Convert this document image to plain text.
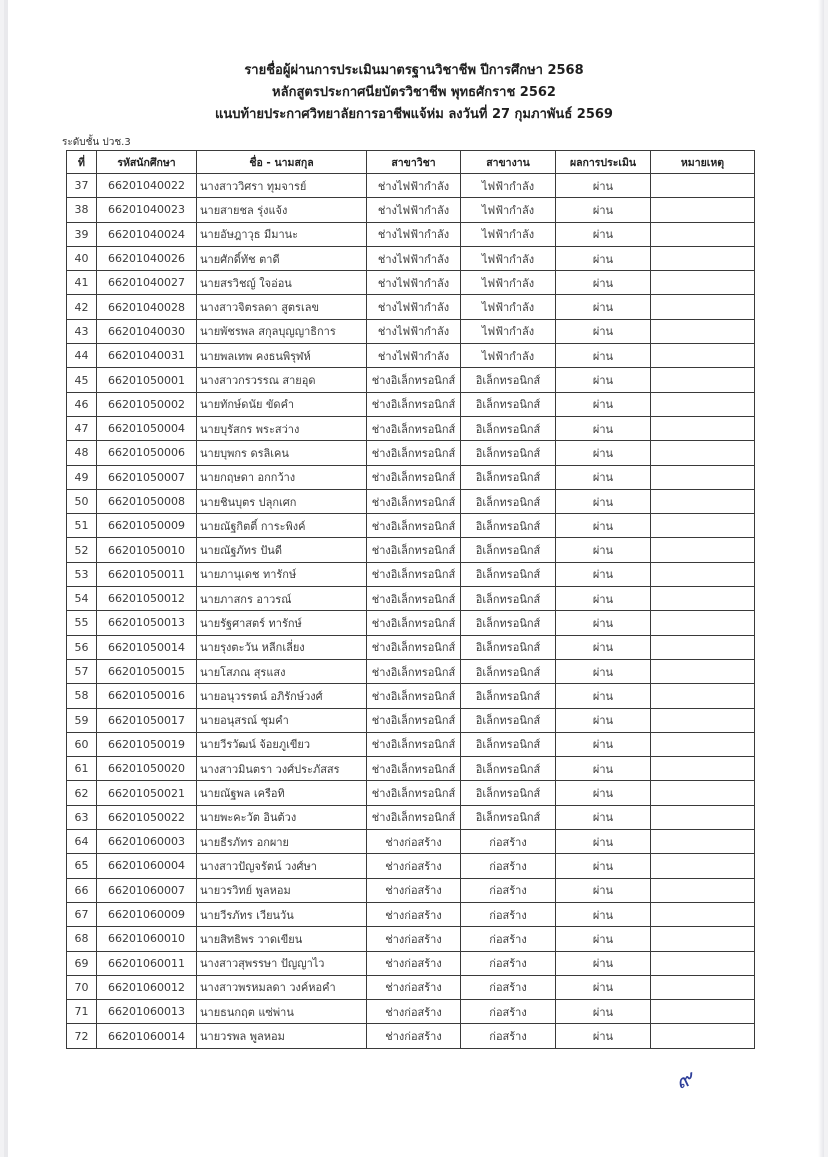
รายชื่อผู้ผ่านการประเมินมาตรฐานวิชาชีพ ปีการศึกษา 2568
หลักสูตรประกาศนียบัตรวิชาชีพ พุทธศักราช 2562
แนบท้ายประกาศวิทยาลัยการอาชีพแจ้ห่ม ลงวันที่ 27 กุมภาพันธ์ 2569
ระดับชั้น ปวช.3
ที่	รหัสนักศึกษา	ชื่อ - นามสกุล	สาขาวิชา	สาขางาน	ผลการประเมิน	หมายเหตุ
37	66201040022	นางสาววิศรา ทุมจารย์	ช่างไฟฟ้ากำลัง	ไฟฟ้ากำลัง	ผ่าน	
38	66201040023	นายสายชล รุ่งแจ้ง	ช่างไฟฟ้ากำลัง	ไฟฟ้ากำลัง	ผ่าน	
39	66201040024	นายอัษฎาวุธ มีมานะ	ช่างไฟฟ้ากำลัง	ไฟฟ้ากำลัง	ผ่าน	
40	66201040026	นายศักดิ์ทัช ตาดี	ช่างไฟฟ้ากำลัง	ไฟฟ้ากำลัง	ผ่าน	
41	66201040027	นายสรวิชญ์ ใจอ่อน	ช่างไฟฟ้ากำลัง	ไฟฟ้ากำลัง	ผ่าน	
42	66201040028	นางสาวจิตรลดา สูตรเลข	ช่างไฟฟ้ากำลัง	ไฟฟ้ากำลัง	ผ่าน	
43	66201040030	นายพัชรพล สกุลบุญญาธิการ	ช่างไฟฟ้ากำลัง	ไฟฟ้ากำลัง	ผ่าน	
44	66201040031	นายพลเทพ คงธนพิรุฬห์	ช่างไฟฟ้ากำลัง	ไฟฟ้ากำลัง	ผ่าน	
45	66201050001	นางสาวกรวรรณ สายอุด	ช่างอิเล็กทรอนิกส์	อิเล็กทรอนิกส์	ผ่าน	
46	66201050002	นายทักษ์ดนัย ขัดคำ	ช่างอิเล็กทรอนิกส์	อิเล็กทรอนิกส์	ผ่าน	
47	66201050004	นายบุรัสกร พระสว่าง	ช่างอิเล็กทรอนิกส์	อิเล็กทรอนิกส์	ผ่าน	
48	66201050006	นายบุพกร ดรลิเคน	ช่างอิเล็กทรอนิกส์	อิเล็กทรอนิกส์	ผ่าน	
49	66201050007	นายกฤษดา อกกว้าง	ช่างอิเล็กทรอนิกส์	อิเล็กทรอนิกส์	ผ่าน	
50	66201050008	นายชินบุตร ปลุกเศก	ช่างอิเล็กทรอนิกส์	อิเล็กทรอนิกส์	ผ่าน	
51	66201050009	นายณัฐกิตติ์ การะพิงค์	ช่างอิเล็กทรอนิกส์	อิเล็กทรอนิกส์	ผ่าน	
52	66201050010	นายณัฐภัทร ปันดี	ช่างอิเล็กทรอนิกส์	อิเล็กทรอนิกส์	ผ่าน	
53	66201050011	นายภานุเดช ทารักษ์	ช่างอิเล็กทรอนิกส์	อิเล็กทรอนิกส์	ผ่าน	
54	66201050012	นายภาสกร อาวรณ์	ช่างอิเล็กทรอนิกส์	อิเล็กทรอนิกส์	ผ่าน	
55	66201050013	นายรัฐศาสตร์ ทารักษ์	ช่างอิเล็กทรอนิกส์	อิเล็กทรอนิกส์	ผ่าน	
56	66201050014	นายรุงตะวัน หลีกเลี่ยง	ช่างอิเล็กทรอนิกส์	อิเล็กทรอนิกส์	ผ่าน	
57	66201050015	นายโสภณ สุรแสง	ช่างอิเล็กทรอนิกส์	อิเล็กทรอนิกส์	ผ่าน	
58	66201050016	นายอนุวรรตน์ อภิรักษ์วงศ์	ช่างอิเล็กทรอนิกส์	อิเล็กทรอนิกส์	ผ่าน	
59	66201050017	นายอนุสรณ์ ชุมคำ	ช่างอิเล็กทรอนิกส์	อิเล็กทรอนิกส์	ผ่าน	
60	66201050019	นายวีรวัฒน์ จ้อยภูเขียว	ช่างอิเล็กทรอนิกส์	อิเล็กทรอนิกส์	ผ่าน	
61	66201050020	นางสาวมินตรา วงศ์ประภัสสร	ช่างอิเล็กทรอนิกส์	อิเล็กทรอนิกส์	ผ่าน	
62	66201050021	นายณัฐพล เครือทิ	ช่างอิเล็กทรอนิกส์	อิเล็กทรอนิกส์	ผ่าน	
63	66201050022	นายพะคะวัต อินต้วง	ช่างอิเล็กทรอนิกส์	อิเล็กทรอนิกส์	ผ่าน	
64	66201060003	นายธีรภัทร อกผาย	ช่างก่อสร้าง	ก่อสร้าง	ผ่าน	
65	66201060004	นางสาวปัญจรัตน์ วงศ์ษา	ช่างก่อสร้าง	ก่อสร้าง	ผ่าน	
66	66201060007	นายวรวิทย์ พูลหอม	ช่างก่อสร้าง	ก่อสร้าง	ผ่าน	
67	66201060009	นายวีรภัทร เวียนวัน	ช่างก่อสร้าง	ก่อสร้าง	ผ่าน	
68	66201060010	นายสิทธิพร วาดเขียน	ช่างก่อสร้าง	ก่อสร้าง	ผ่าน	
69	66201060011	นางสาวสุพรรษา ปัญญาไว	ช่างก่อสร้าง	ก่อสร้าง	ผ่าน	
70	66201060012	นางสาวพรหมลดา วงค์หอคำ	ช่างก่อสร้าง	ก่อสร้าง	ผ่าน	
71	66201060013	นายธนกฤต แซ่พ่าน	ช่างก่อสร้าง	ก่อสร้าง	ผ่าน	
72	66201060014	นายวรพล พูลหอม	ช่างก่อสร้าง	ก่อสร้าง	ผ่าน	
๙
